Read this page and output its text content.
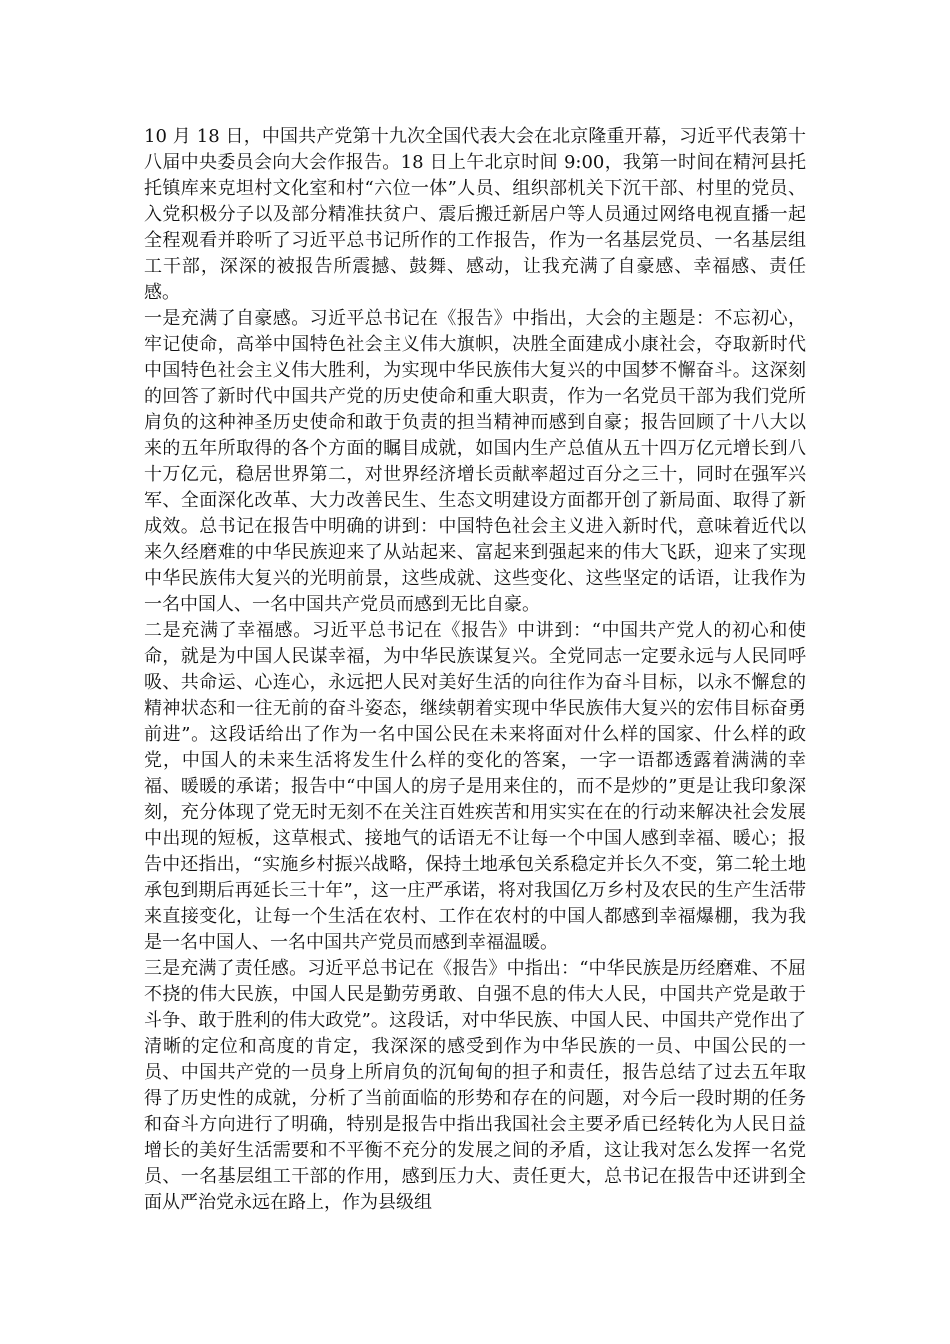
10 月 18 日，中国共产党第十九次全国代表大会在北京隆重开幕，习近平代表第十八届中央委员会向大会作报告。18 日上午北京时间 9:00，我第一时间在精河县托托镇库来克坦村文化室和村“六位一体”人员、组织部机关下沉干部、村里的党员、入党积极分子以及部分精准扶贫户、震后搬迁新居户等人员通过网络电视直播一起全程观看并聆听了习近平总书记所作的工作报告，作为一名基层党员、一名基层组工干部，深深的被报告所震撼、鼓舞、感动，让我充满了自豪感、幸福感、责任感。

一是充满了自豪感。习近平总书记在《报告》中指出，大会的主题是：不忘初心，牢记使命，高举中国特色社会主义伟大旗帜，决胜全面建成小康社会，夺取新时代中国特色社会主义伟大胜利，为实现中华民族伟大复兴的中国梦不懈奋斗。这深刻的回答了新时代中国共产党的历史使命和重大职责，作为一名党员干部为我们党所肩负的这种神圣历史使命和敢于负责的担当精神而感到自豪；报告回顾了十八大以来的五年所取得的各个方面的瞩目成就，如国内生产总值从五十四万亿元增长到八十万亿元，稳居世界第二，对世界经济增长贡献率超过百分之三十，同时在强军兴军、全面深化改革、大力改善民生、生态文明建设方面都开创了新局面、取得了新成效。总书记在报告中明确的讲到：中国特色社会主义进入新时代，意味着近代以来久经磨难的中华民族迎来了从站起来、富起来到强起来的伟大飞跃，迎来了实现中华民族伟大复兴的光明前景，这些成就、这些变化、这些坚定的话语，让我作为一名中国人、一名中国共产党员而感到无比自豪。

二是充满了幸福感。习近平总书记在《报告》中讲到：“中国共产党人的初心和使命，就是为中国人民谋幸福，为中华民族谋复兴。全党同志一定要永远与人民同呼吸、共命运、心连心，永远把人民对美好生活的向往作为奋斗目标，以永不懈怠的精神状态和一往无前的奋斗姿态，继续朝着实现中华民族伟大复兴的宏伟目标奋勇前进”。这段话给出了作为一名中国公民在未来将面对什么样的国家、什么样的政党，中国人的未来生活将发生什么样的变化的答案，一字一语都透露着满满的幸福、暖暖的承诺；报告中“中国人的房子是用来住的，而不是炒的”更是让我印象深刻，充分体现了党无时无刻不在关注百姓疾苦和用实实在在的行动来解决社会发展中出现的短板，这草根式、接地气的话语无不让每一个中国人感到幸福、暖心；报告中还指出，“实施乡村振兴战略，保持土地承包关系稳定并长久不变，第二轮土地承包到期后再延长三十年”，这一庄严承诺，将对我国亿万乡村及农民的生产生活带来直接变化，让每一个生活在农村、工作在农村的中国人都感到幸福爆棚，我为我是一名中国人、一名中国共产党员而感到幸福温暖。

三是充满了责任感。习近平总书记在《报告》中指出：“中华民族是历经磨难、不屈不挠的伟大民族，中国人民是勤劳勇敢、自强不息的伟大人民，中国共产党是敢于斗争、敢于胜利的伟大政党”。这段话，对中华民族、中国人民、中国共产党作出了清晰的定位和高度的肯定，我深深的感受到作为中华民族的一员、中国公民的一员、中国共产党的一员身上所肩负的沉甸甸的担子和责任，报告总结了过去五年取得了历史性的成就，分析了当前面临的形势和存在的问题，对今后一段时期的任务和奋斗方向进行了明确，特别是报告中指出我国社会主要矛盾已经转化为人民日益增长的美好生活需要和不平衡不充分的发展之间的矛盾，这让我对怎么发挥一名党员、一名基层组工干部的作用，感到压力大、责任更大，总书记在报告中还讲到全面从严治党永远在路上，作为县级组
